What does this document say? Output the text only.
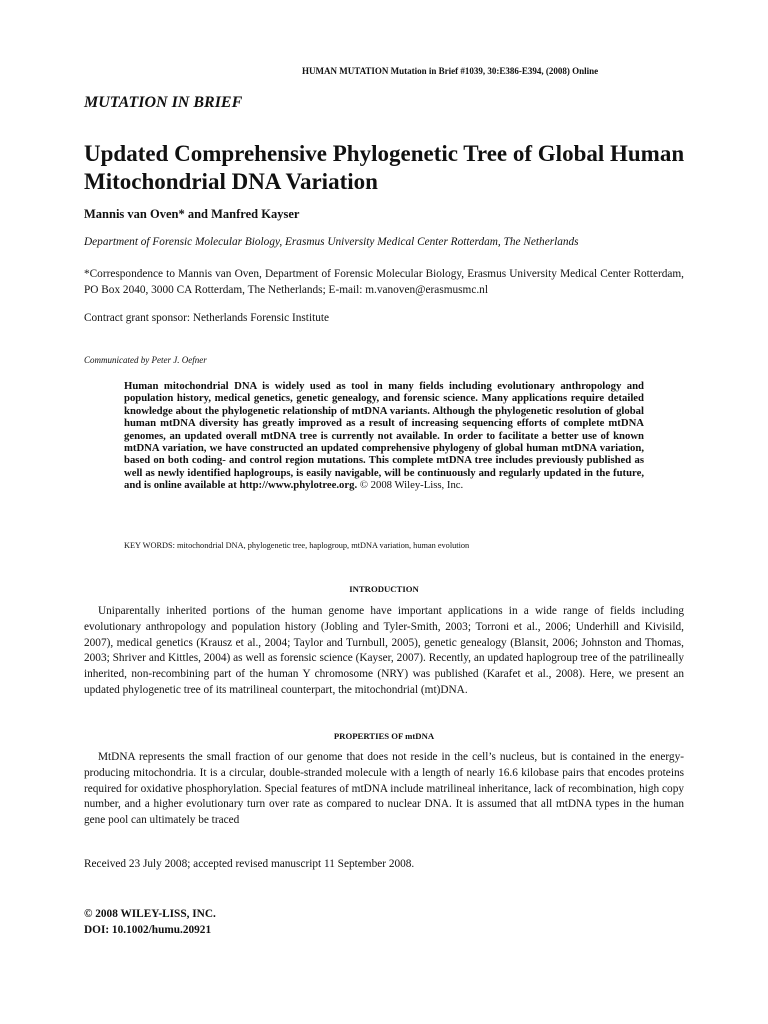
HUMAN MUTATION Mutation in Brief #1039, 30:E386-E394, (2008) Online
MUTATION IN BRIEF
Updated Comprehensive Phylogenetic Tree of Global Human Mitochondrial DNA Variation
Mannis van Oven* and Manfred Kayser
Department of Forensic Molecular Biology, Erasmus University Medical Center Rotterdam, The Netherlands
*Correspondence to Mannis van Oven, Department of Forensic Molecular Biology, Erasmus University Medical Center Rotterdam, PO Box 2040, 3000 CA Rotterdam, The Netherlands; E-mail: m.vanoven@erasmusmc.nl
Contract grant sponsor: Netherlands Forensic Institute
Communicated by Peter J. Oefner

Human mitochondrial DNA is widely used as tool in many fields including evolutionary anthropology and population history, medical genetics, genetic genealogy, and forensic science. Many applications require detailed knowledge about the phylogenetic relationship of mtDNA variants. Although the phylogenetic resolution of global human mtDNA diversity has greatly improved as a result of increasing sequencing efforts of complete mtDNA genomes, an updated overall mtDNA tree is currently not available. In order to facilitate a better use of known mtDNA variation, we have constructed an updated comprehensive phylogeny of global human mtDNA variation, based on both coding- and control region mutations. This complete mtDNA tree includes previously published as well as newly identified haplogroups, is easily navigable, will be continuously and regularly updated in the future, and is online available at http://www.phylotree.org. © 2008 Wiley-Liss, Inc.

KEY WORDS: mitochondrial DNA, phylogenetic tree, haplogroup, mtDNA variation, human evolution
INTRODUCTION

Uniparentally inherited portions of the human genome have important applications in a wide range of fields including evolutionary anthropology and population history (Jobling and Tyler-Smith, 2003; Torroni et al., 2006; Underhill and Kivisild, 2007), medical genetics (Krausz et al., 2004; Taylor and Turnbull, 2005), genetic genealogy (Blansit, 2006; Johnston and Thomas, 2003; Shriver and Kittles, 2004) as well as forensic science (Kayser, 2007). Recently, an updated haplogroup tree of the patrilineally inherited, non-recombining part of the human Y chromosome (NRY) was published (Karafet et al., 2008). Here, we present an updated phylogenetic tree of its matrilineal counterpart, the mitochondrial (mt)DNA.

PROPERTIES OF mtDNA

MtDNA represents the small fraction of our genome that does not reside in the cell’s nucleus, but is contained in the energy-producing mitochondria. It is a circular, double-stranded molecule with a length of nearly 16.6 kilobase pairs that encodes proteins required for oxidative phosphorylation. Special features of mtDNA include matrilineal inheritance, lack of recombination, high copy number, and a higher evolutionary turn over rate as compared to nuclear DNA. It is assumed that all mtDNA types in the human gene pool can ultimately be traced

Received 23 July 2008; accepted revised manuscript 11 September 2008.
© 2008 WILEY-LISS, INC.
DOI: 10.1002/humu.20921
